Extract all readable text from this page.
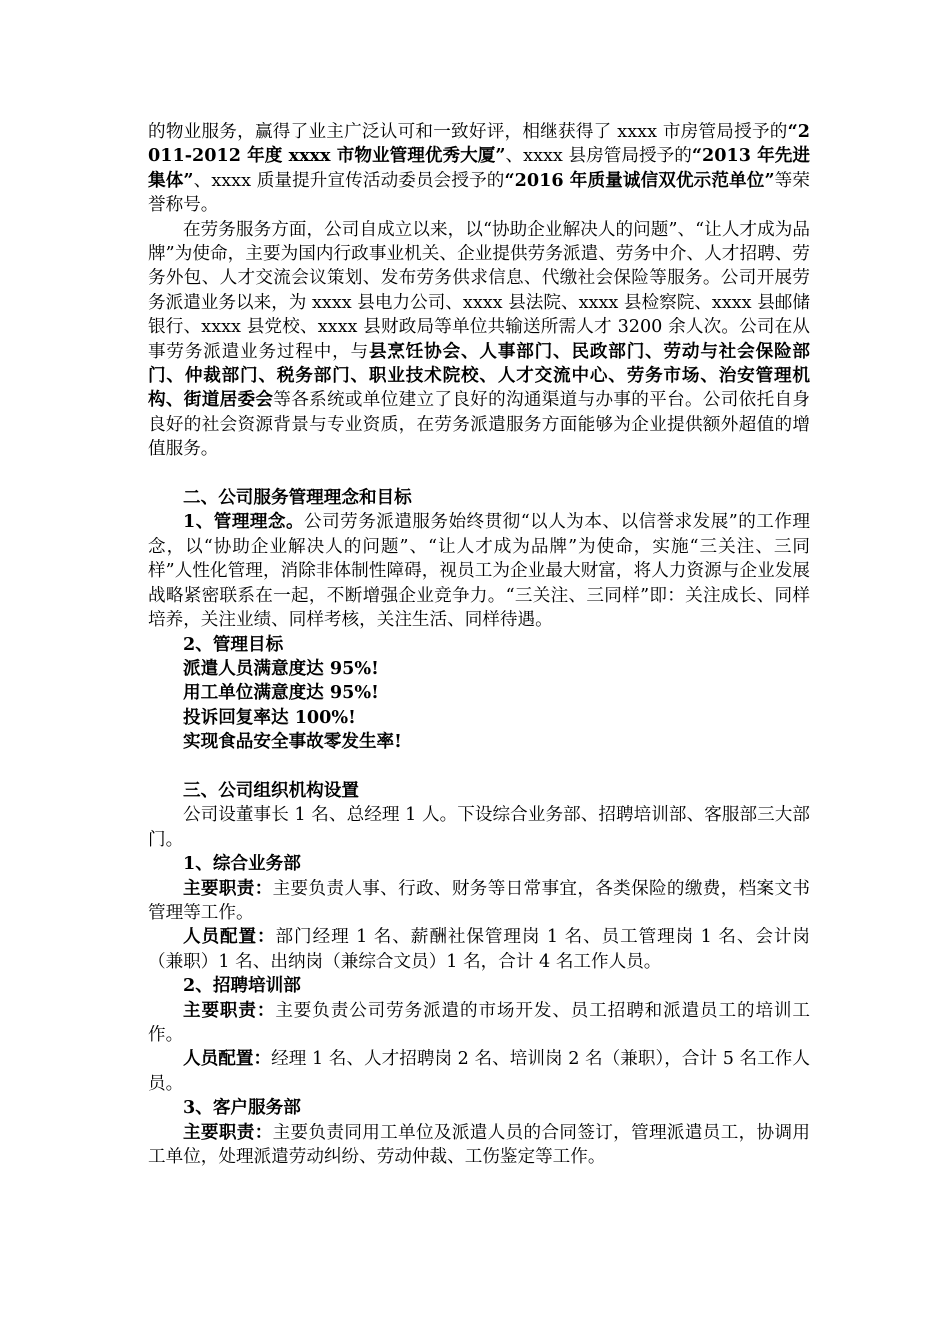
的物业服务，赢得了业主广泛认可和一致好评，相继获得了 xxxx 市房管局授予的“2011-2012 年度 xxxx 市物业管理优秀大厦”、xxxx 县房管局授予的“2013 年先进集体”、xxxx 质量提升宣传活动委员会授予的“2016 年质量诚信双优示范单位”等荣誉称号。

在劳务服务方面，公司自成立以来，以“协助企业解决人的问题”、“让人才成为品牌”为使命，主要为国内行政事业机关、企业提供劳务派遣、劳务中介、人才招聘、劳务外包、人才交流会议策划、发布劳务供求信息、代缴社会保险等服务。公司开展劳务派遣业务以来，为 xxxx 县电力公司、xxxx 县法院、xxxx 县检察院、xxxx 县邮储银行、xxxx 县党校、xxxx 县财政局等单位共输送所需人才 3200 余人次。公司在从事劳务派遣业务过程中，与县烹饪协会、人事部门、民政部门、劳动与社会保险部门、仲裁部门、税务部门、职业技术院校、人才交流中心、劳务市场、治安管理机构、街道居委会等各系统或单位建立了良好的沟通渠道与办事的平台。公司依托自身良好的社会资源背景与专业资质，在劳务派遣服务方面能够为企业提供额外超值的增值服务。

二、公司服务管理理念和目标

1、管理理念。公司劳务派遣服务始终贯彻“以人为本、以信誉求发展”的工作理念，以“协助企业解决人的问题”、“让人才成为品牌”为使命，实施“三关注、三同样”人性化管理，消除非体制性障碍，视员工为企业最大财富，将人力资源与企业发展战略紧密联系在一起，不断增强企业竞争力。“三关注、三同样”即：关注成长、同样培养，关注业绩、同样考核，关注生活、同样待遇。

2、管理目标

派遣人员满意度达 95%!

用工单位满意度达 95%!

投诉回复率达 100%!

实现食品安全事故零发生率!

三、公司组织机构设置

公司设董事长 1 名、总经理 1 人。下设综合业务部、招聘培训部、客服部三大部门。

1、综合业务部

主要职责：主要负责人事、行政、财务等日常事宜，各类保险的缴费，档案文书管理等工作。

人员配置：部门经理 1 名、薪酬社保管理岗 1 名、员工管理岗 1 名、会计岗（兼职）1 名、出纳岗（兼综合文员）1 名，合计 4 名工作人员。

2、招聘培训部

主要职责：主要负责公司劳务派遣的市场开发、员工招聘和派遣员工的培训工作。

人员配置：经理 1 名、人才招聘岗 2 名、培训岗 2 名（兼职），合计 5 名工作人员。

3、客户服务部

主要职责：主要负责同用工单位及派遣人员的合同签订，管理派遣员工，协调用工单位，处理派遣劳动纠纷、劳动仲裁、工伤鉴定等工作。
